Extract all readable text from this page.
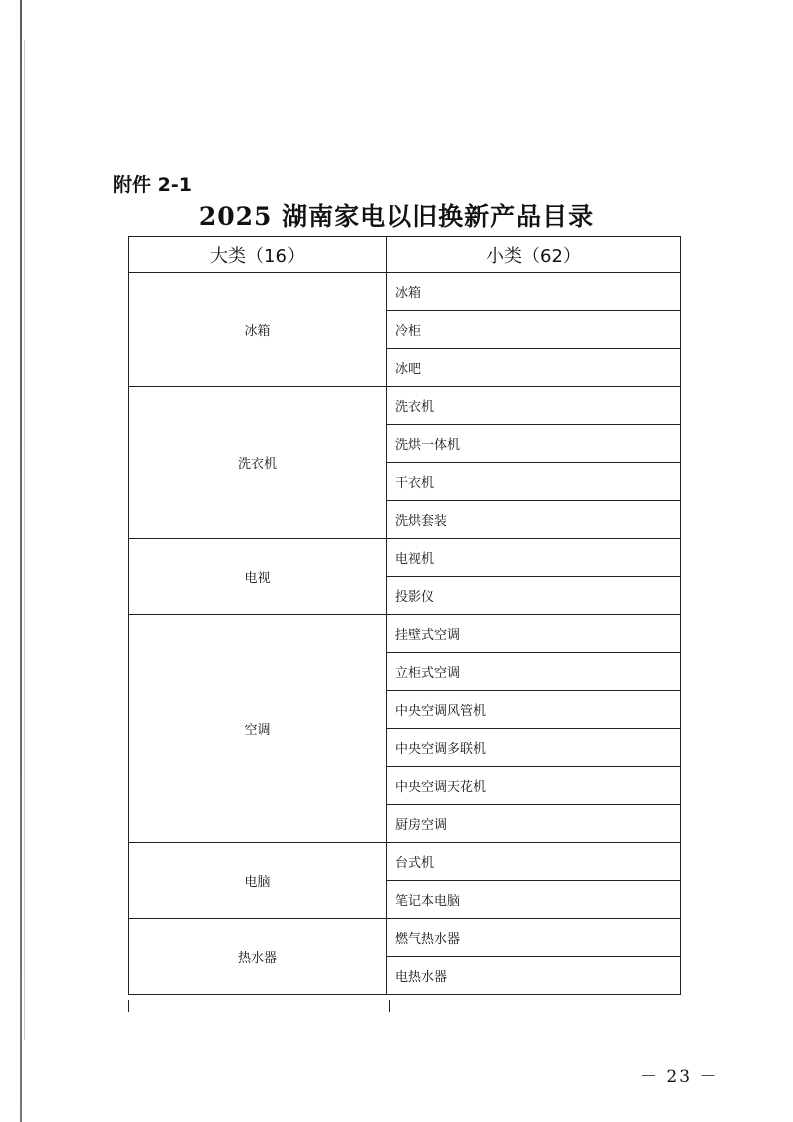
附件 2-1
2025 湖南家电以旧换新产品目录
大类（16）	小类（62）
冰箱	冰箱
	冷柜
	冰吧
洗衣机	洗衣机
	洗烘一体机
	干衣机
	洗烘套装
电视	电视机
	投影仪
空调	挂壁式空调
	立柜式空调
	中央空调风管机
	中央空调多联机
	中央空调天花机
	厨房空调
电脑	台式机
	笔记本电脑
热水器	燃气热水器
	电热水器
－ 23 －
